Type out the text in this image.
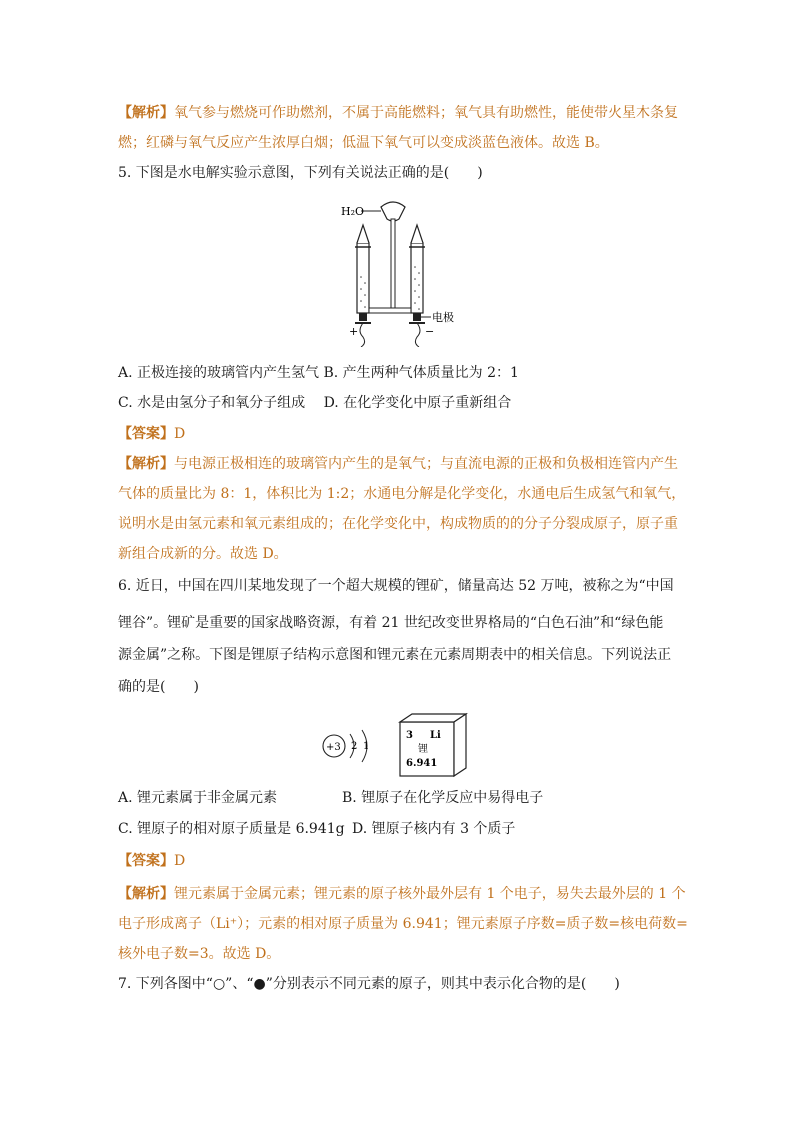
【解析】氧气参与燃烧可作助燃剂，不属于高能燃料；氧气具有助燃性，能使带火星木条复
燃；红磷与氧气反应产生浓厚白烟；低温下氧气可以变成淡蓝色液体。故选 B。
5. 下图是水电解实验示意图，下列有关说法正确的是(　　)
H₂O
+	−
电极
A. 正极连接的玻璃管内产生氢气 B. 产生两种气体质量比为 2：1
C. 水是由氢分子和氧分子组成　 D. 在化学变化中原子重新组合
【答案】D
【解析】与电源正极相连的玻璃管内产生的是氧气；与直流电源的正极和负极相连管内产生
气体的质量比为 8：1，体积比为 1:2；水通电分解是化学变化，水通电后生成氢气和氧气，
说明水是由氢元素和氧元素组成的；在化学变化中，构成物质的的分子分裂成原子，原子重
新组合成新的分。故选 D。
6. 近日，中国在四川某地发现了一个超大规模的锂矿，储量高达 52 万吨，被称之为“中国
锂谷”。锂矿是重要的国家战略资源，有着 21 世纪改变世界格局的“白色石油”和“绿色能
源金属”之称。下图是锂原子结构示意图和锂元素在元素周期表中的相关信息。下列说法正
确的是(　　)
+3 2 1
3 Li
锂
6.941
A. 锂元素属于非金属元素	B. 锂原子在化学反应中易得电子
C. 锂原子的相对原子质量是 6.941g D. 锂原子核内有 3 个质子
【答案】D
【解析】锂元素属于金属元素；锂元素的原子核外最外层有 1 个电子，易失去最外层的 1 个
电子形成离子（Li⁺）；元素的相对原子质量为 6.941；锂元素原子序数=质子数=核电荷数=
核外电子数=3。故选 D。
7. 下列各图中“○”、“●”分别表示不同元素的原子，则其中表示化合物的是(　　)
